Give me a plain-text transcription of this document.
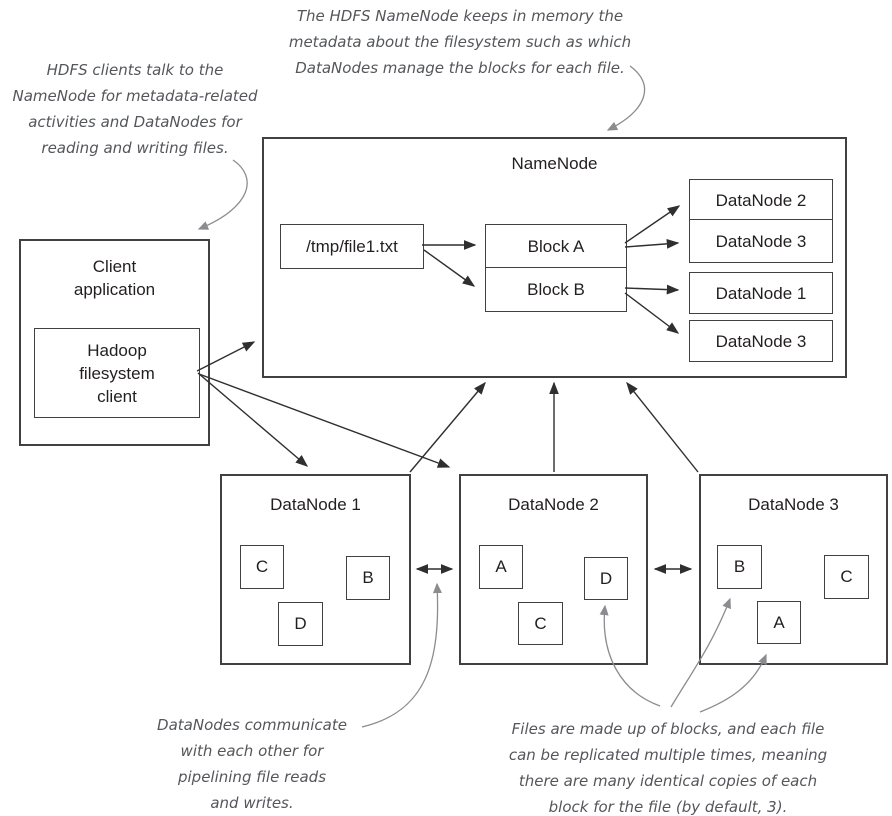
HDFS clients talk to the
NameNode for metadata-related
activities and DataNodes for
reading and writing files.
The HDFS NameNode keeps in memory the
metadata about the filesystem such as which
DataNodes manage the blocks for each file.
DataNodes communicate
with each other for
pipelining file reads
and writes.
Files are made up of blocks, and each file
can be replicated multiple times, meaning
there are many identical copies of each
block for the file (by default, 3).
NameNode
/tmp/file1.txt	Block A
Block B
DataNode 2
DataNode 3
DataNode 1
DataNode 3
Client
application
Hadoop
filesystem
client
DataNode 1
C
B
D
DataNode 2
A
D
C
DataNode 3
B
C
A
